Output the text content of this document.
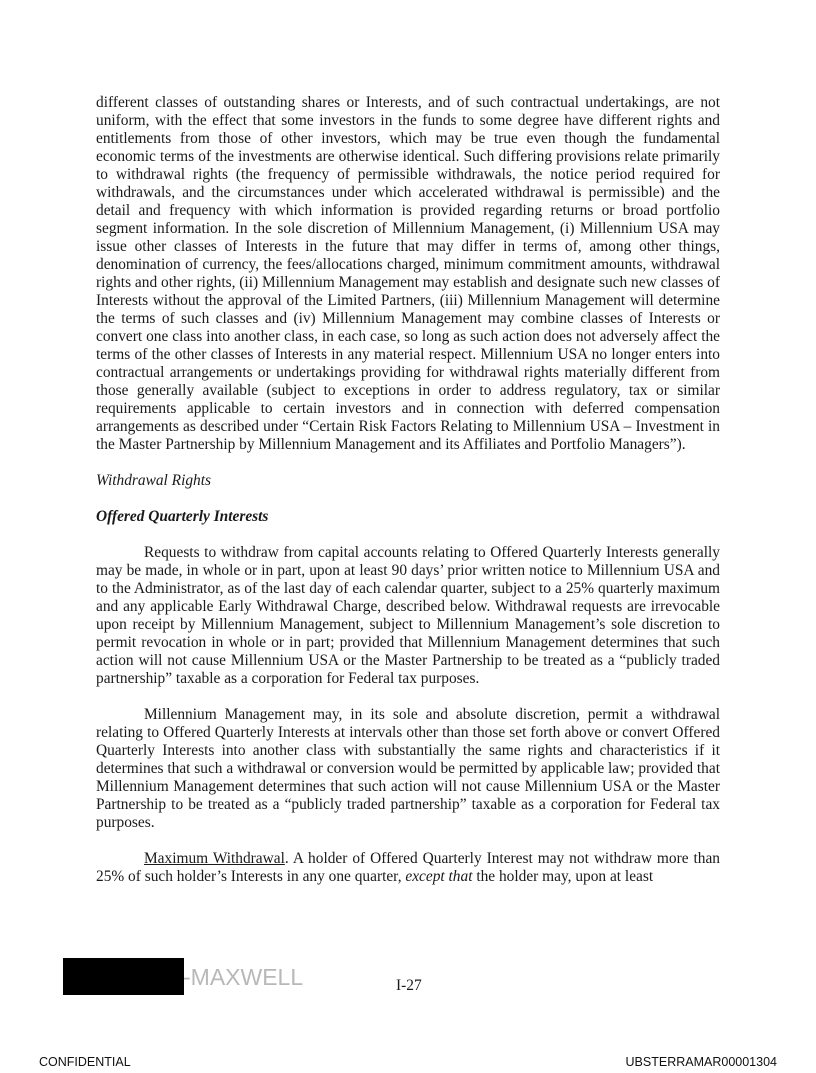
different classes of outstanding shares or Interests, and of such contractual undertakings, are not uniform, with the effect that some investors in the funds to some degree have different rights and entitlements from those of other investors, which may be true even though the fundamental economic terms of the investments are otherwise identical. Such differing provisions relate primarily to withdrawal rights (the frequency of permissible withdrawals, the notice period required for withdrawals, and the circumstances under which accelerated withdrawal is permissible) and the detail and frequency with which information is provided regarding returns or broad portfolio segment information. In the sole discretion of Millennium Management, (i) Millennium USA may issue other classes of Interests in the future that may differ in terms of, among other things, denomination of currency, the fees/allocations charged, minimum commitment amounts, withdrawal rights and other rights, (ii) Millennium Management may establish and designate such new classes of Interests without the approval of the Limited Partners, (iii) Millennium Management will determine the terms of such classes and (iv) Millennium Management may combine classes of Interests or convert one class into another class, in each case, so long as such action does not adversely affect the terms of the other classes of Interests in any material respect. Millennium USA no longer enters into contractual arrangements or undertakings providing for withdrawal rights materially different from those generally available (subject to exceptions in order to address regulatory, tax or similar requirements applicable to certain investors and in connection with deferred compensation arrangements as described under “Certain Risk Factors Relating to Millennium USA – Investment in the Master Partnership by Millennium Management and its Affiliates and Portfolio Managers”).

Withdrawal Rights

Offered Quarterly Interests

Requests to withdraw from capital accounts relating to Offered Quarterly Interests generally may be made, in whole or in part, upon at least 90 days’ prior written notice to Millennium USA and to the Administrator, as of the last day of each calendar quarter, subject to a 25% quarterly maximum and any applicable Early Withdrawal Charge, described below. Withdrawal requests are irrevocable upon receipt by Millennium Management, subject to Millennium Management’s sole discretion to permit revocation in whole or in part; provided that Millennium Management determines that such action will not cause Millennium USA or the Master Partnership to be treated as a “publicly traded partnership” taxable as a corporation for Federal tax purposes.

Millennium Management may, in its sole and absolute discretion, permit a withdrawal relating to Offered Quarterly Interests at intervals other than those set forth above or convert Offered Quarterly Interests into another class with substantially the same rights and characteristics if it determines that such a withdrawal or conversion would be permitted by applicable law; provided that Millennium Management determines that such action will not cause Millennium USA or the Master Partnership to be treated as a “publicly traded partnership” taxable as a corporation for Federal tax purposes.

Maximum Withdrawal. A holder of Offered Quarterly Interest may not withdraw more than 25% of such holder’s Interests in any one quarter, except that the holder may, upon at least

-MAXWELL	I-27
CONFIDENTIAL	UBSTERRAMAR00001304
